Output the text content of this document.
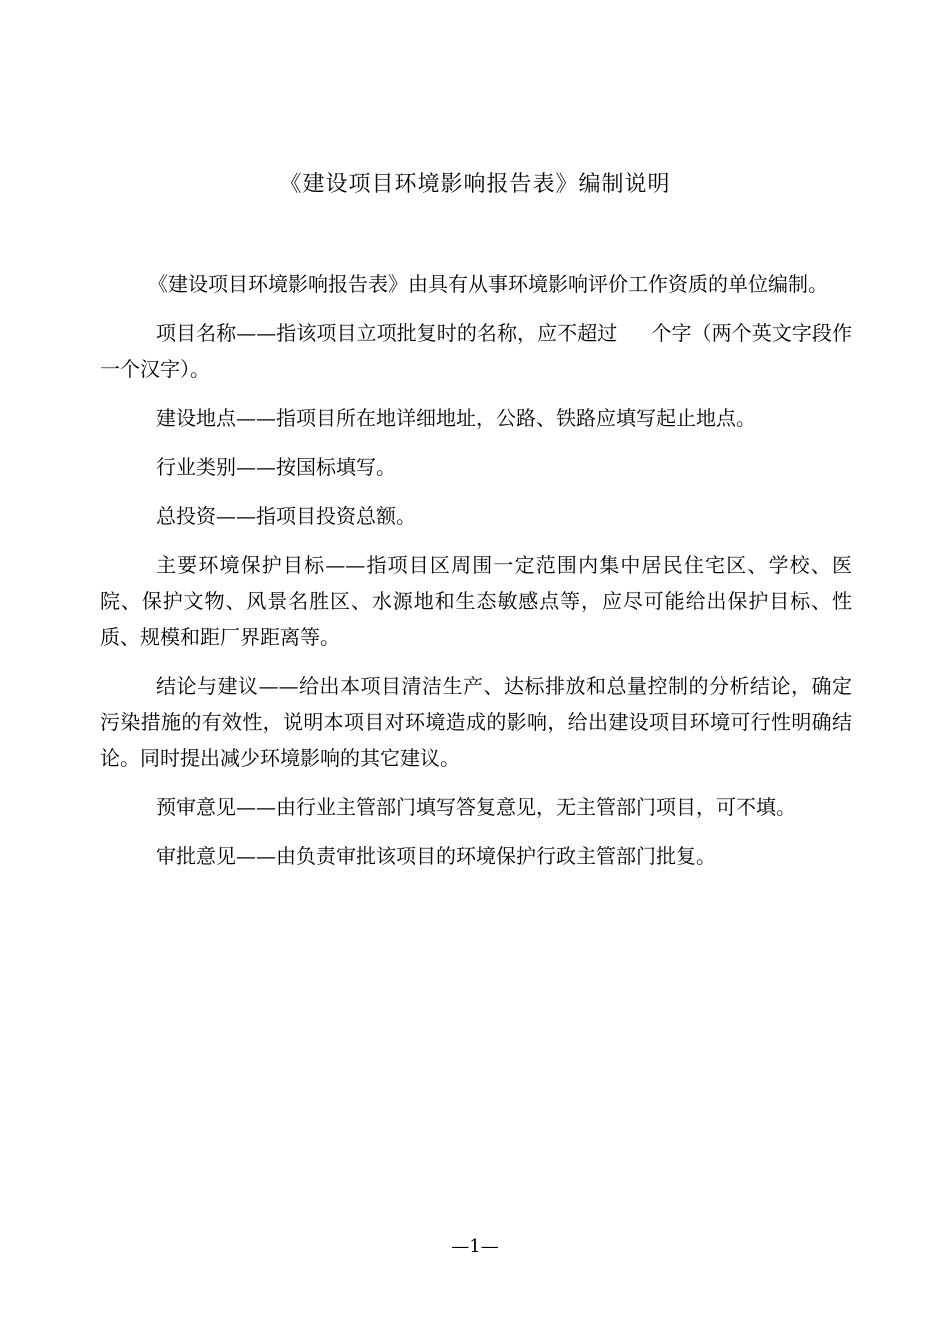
《建设项目环境影响报告表》编制说明

《建设项目环境影响报告表》由具有从事环境影响评价工作资质的单位编制。

项目名称——指该项目立项批复时的名称，应不超过 个字（两个英文字段作一个汉字）。

建设地点——指项目所在地详细地址，公路、铁路应填写起止地点。

行业类别——按国标填写。

总投资——指项目投资总额。

主要环境保护目标——指项目区周围一定范围内集中居民住宅区、学校、医院、保护文物、风景名胜区、水源地和生态敏感点等，应尽可能给出保护目标、性质、规模和距厂界距离等。

结论与建议——给出本项目清洁生产、达标排放和总量控制的分析结论，确定污染措施的有效性，说明本项目对环境造成的影响，给出建设项目环境可行性明确结论。同时提出减少环境影响的其它建议。

预审意见——由行业主管部门填写答复意见，无主管部门项目，可不填。

审批意见——由负责审批该项目的环境保护行政主管部门批复。

—1—
